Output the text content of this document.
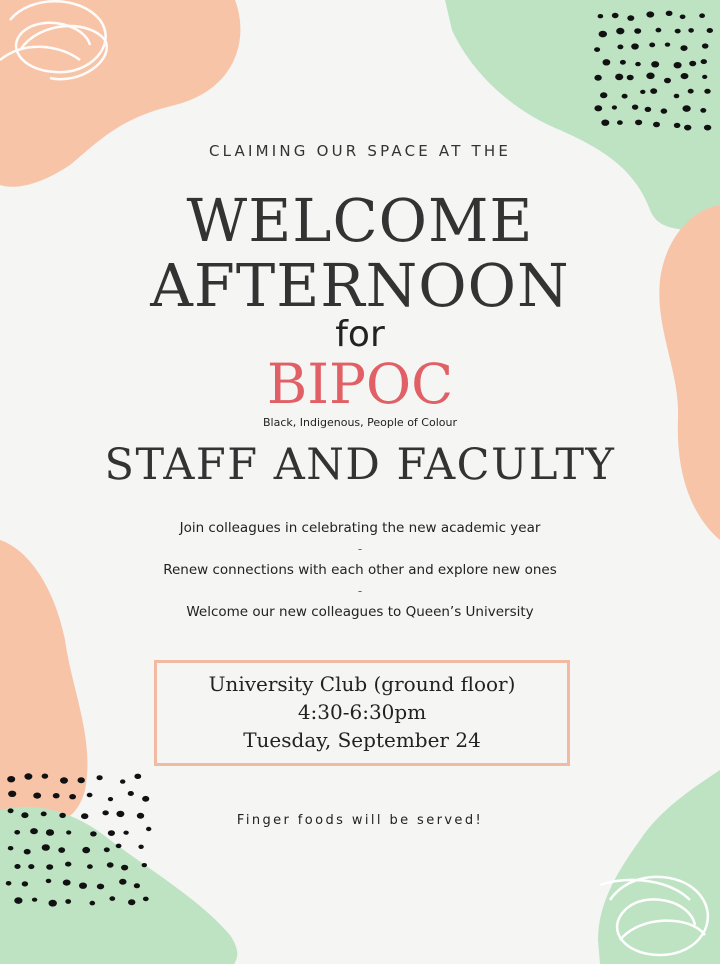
CLAIMING OUR SPACE AT THE
WELCOME
AFTERNOON
for
BIPOC
Black, Indigenous, People of Colour
STAFF AND FACULTY
Join colleagues in celebrating the new academic year
-
Renew connections with each other and explore new ones
-
Welcome our new colleagues to Queen’s University
University Club (ground floor)
4:30-6:30pm
Tuesday, September 24
Finger foods will be served!
